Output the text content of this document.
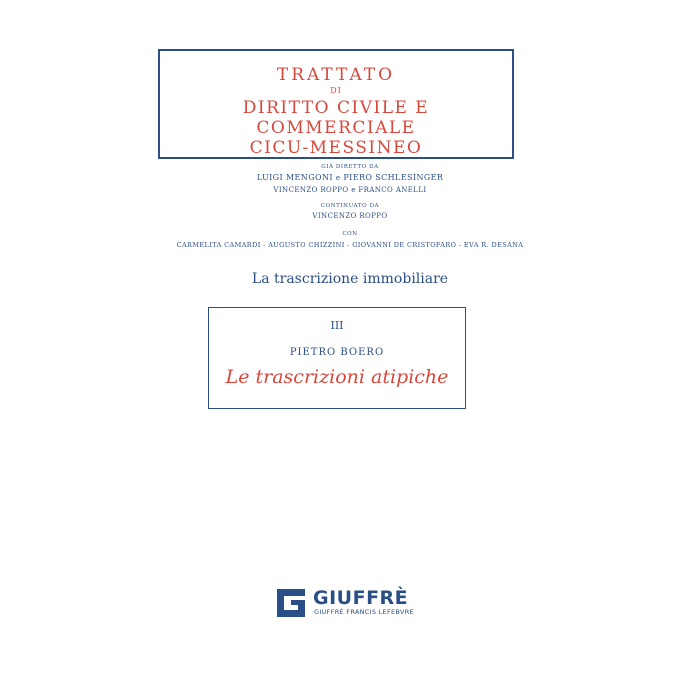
TRATTATO
DI
DIRITTO CIVILE E COMMERCIALE
CICU-MESSINEO
GIÀ DIRETTO DA
LUIGI MENGONI e PIERO SCHLESINGER
VINCENZO ROPPO e FRANCO ANELLI
CONTINUATO DA
VINCENZO ROPPO
CON
CARMELITA CAMARDI - AUGUSTO CHIZZINI - GIOVANNI DE CRISTOFARO - EVA R. DESANA
La trascrizione immobiliare
III
PIETRO BOERO
Le trascrizioni atipiche
GIUFFRÈ
GIUFFRÈ FRANCIS LEFEBVRE
